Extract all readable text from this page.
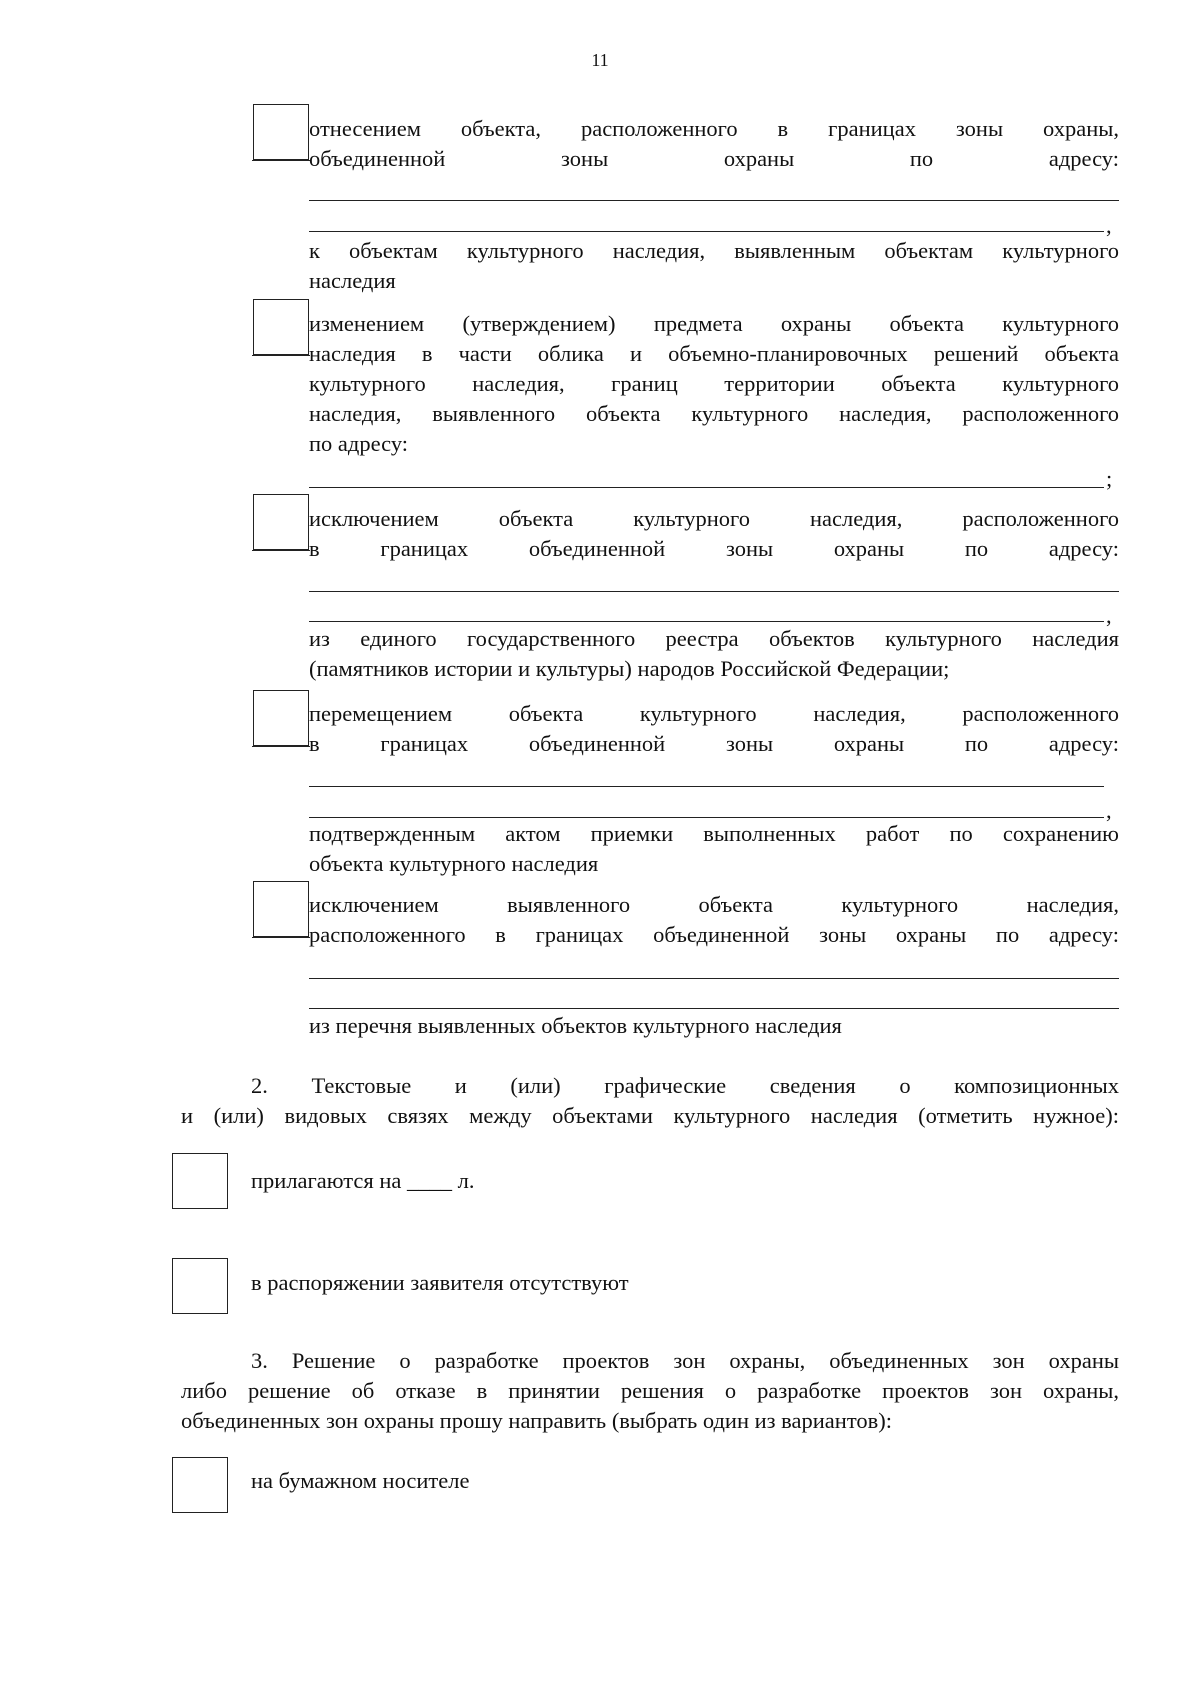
11
отнесением объекта, расположенного в границах зоны охраны,
объединенной зоны охраны по адресу:
,
к объектам культурного наследия, выявленным объектам культурного
наследия
изменением (утверждением) предмета охраны объекта культурного
наследия в части облика и объемно-планировочных решений объекта
культурного наследия, границ территории объекта культурного
наследия, выявленного объекта культурного наследия, расположенного
по адресу:
;
исключением объекта культурного наследия, расположенного
в границах объединенной зоны охраны по адресу:
,
из единого государственного реестра объектов культурного наследия
(памятников истории и культуры) народов Российской Федерации;
перемещением объекта культурного наследия, расположенного
в границах объединенной зоны охраны по адресу:
,
подтвержденным актом приемки выполненных работ по сохранению
объекта культурного наследия
исключением выявленного объекта культурного наследия,
расположенного в границах объединенной зоны охраны по адресу:
из перечня выявленных объектов культурного наследия
2. Текстовые и (или) графические сведения о композиционных
и (или) видовых связях между объектами культурного наследия (отметить нужное):
прилагаются на ____ л.
в распоряжении заявителя отсутствуют
3. Решение о разработке проектов зон охраны, объединенных зон охраны
либо решение об отказе в принятии решения о разработке проектов зон охраны,
объединенных зон охраны прошу направить (выбрать один из вариантов):
на бумажном носителе
